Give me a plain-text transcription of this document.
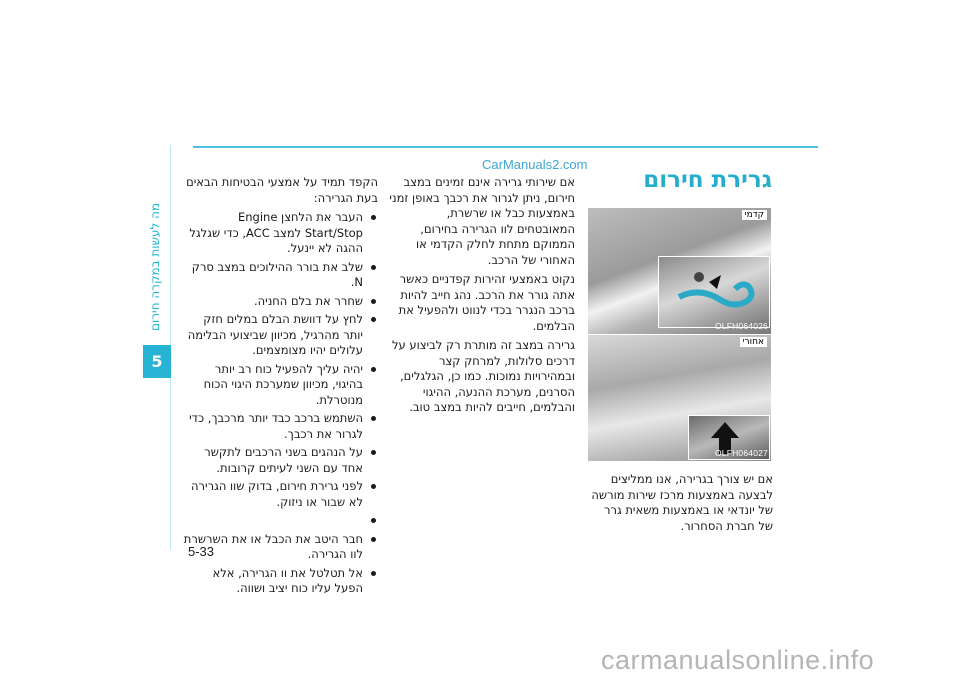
מה לעשות במקרה חירום
5
CarManuals2.com
גרירת חירום
קדמי
OLFH064026
אחורי
OLFH064027

אם יש צורך בגרירה, אנו ממליצים לבצעה באמצעות מרכז שירות מורשה של יונדאי או באמצעות משאית גרר של חברת הסחרור.

אם שירותי גרירה אינם זמינים במצב חירום, ניתן לגרור את רכבך באופן זמני באמצעות כבל או שרשרת, המאובטחים לוו הגרירה בחירום, הממוקם מתחת לחלק הקדמי או האחורי של הרכב.

נקוט באמצעי זהירות קפדניים כאשר אתה גורר את הרכב. נהג חייב להיות ברכב הנגרר בכדי לנווט ולהפעיל את הבלמים.

גרירה במצב זה מותרת רק לביצוע על דרכים סלולות, למרחק קצר ובמהירויות נמוכות. כמו כן, הגלגלים, הסרנים, מערכת ההנעה, ההיגוי והבלמים, חייבים להיות במצב טוב.

הקפד תמיד על אמצעי הבטיחות הבאים בעת הגרירה:

העבר את הלחצן Engine Start/Stop למצב ACC, כדי שגלגל ההגה לא יינעל.
שלב את בורר ההילוכים במצב סרק N.
שחרר את בלם החניה.
לחץ על דוושת הבלם במלים חזק יותר מהרגיל, מכיוון שביצועי הבלימה עלולים יהיו מצומצמים.
יהיה עליך להפעיל כוח רב יותר בהיגוי, מכיוון שמערכת היגוי הכוח מנוטרלת.
השתמש ברכב כבד יותר מרכבך, כדי לגרור את רכבך.
על הנהגים בשני הרכבים לתקשר אחד עם השני לעיתים קרובות.
לפני גרירת חירום, בדוק שוו הגרירה לא שבור או ניזוק.

חבר היטב את הכבל או את השרשרת לוו הגרירה.
אל תטלטל את וו הגרירה, אלא הפעל עליו כוח יציב ושווה.
5-33
carmanualsonline.info
